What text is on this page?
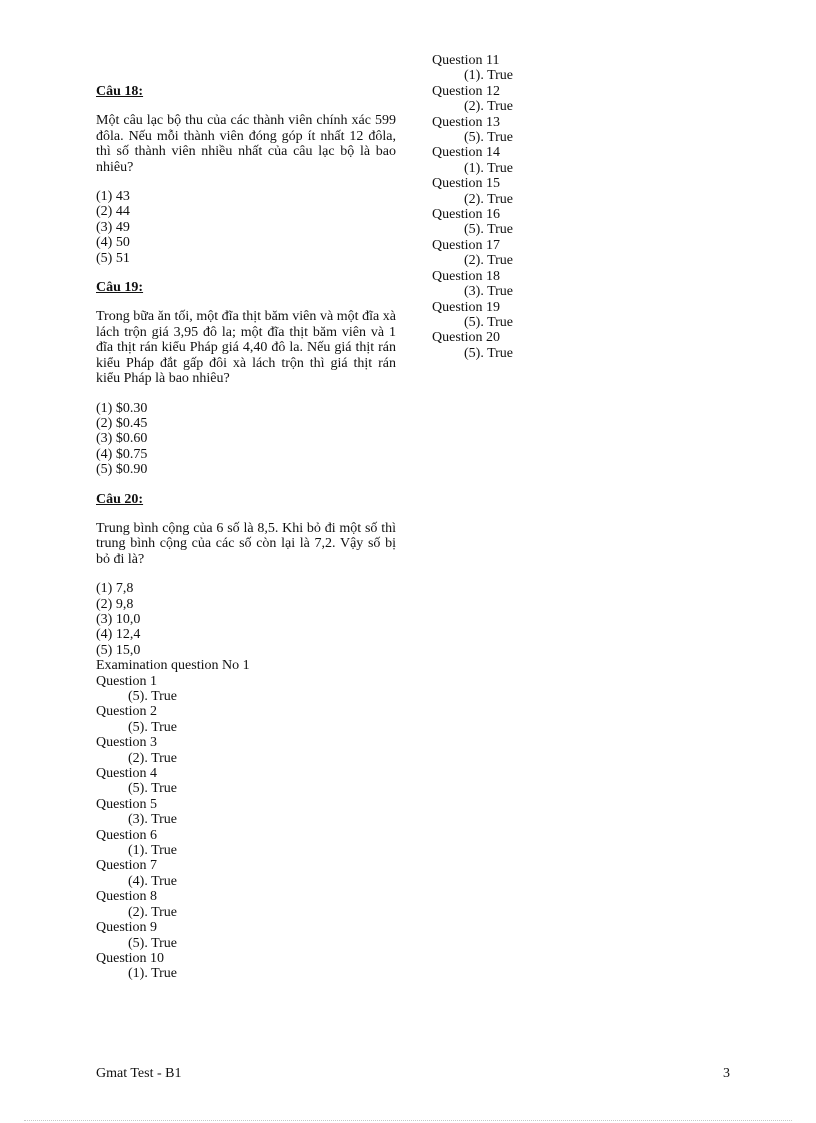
Câu 18:
Một câu lạc bộ thu của các thành viên chính xác 599 đôla. Nếu mỗi thành viên đóng góp ít nhất 12 đôla, thì số thành viên nhiều nhất của câu lạc bộ là bao nhiêu?
(1) 43
(2) 44
(3) 49
(4) 50
(5) 51
Câu 19:
Trong bữa ăn tối, một đĩa thịt băm viên và một đĩa xà lách trộn giá 3,95 đô la; một đĩa thịt băm viên và 1 đĩa thịt rán kiểu Pháp giá 4,40 đô la. Nếu giá thịt rán kiểu Pháp đắt gấp đôi xà lách trộn thì giá thịt rán kiểu Pháp là bao nhiêu?
(1) $0.30
(2) $0.45
(3) $0.60
(4) $0.75
(5) $0.90
Câu 20:
Trung bình cộng của 6 số là 8,5. Khi bỏ đi một số thì trung bình cộng của các số còn lại là 7,2. Vậy số bị bỏ đi là?
(1) 7,8
(2) 9,8
(3) 10,0
(4) 12,4
(5) 15,0
Examination question No 1
Question 1
(5). True
Question 2
(5). True
Question 3
(2). True
Question 4
(5). True
Question 5
(3). True
Question 6
(1). True
Question 7
(4). True
Question 8
(2). True
Question 9
(5). True
Question 10
(1). True
Question 11
(1). True
Question 12
(2). True
Question 13
(5). True
Question 14
(1). True
Question 15
(2). True
Question 16
(5). True
Question 17
(2). True
Question 18
(3). True
Question 19
(5). True
Question 20
(5). True
Gmat Test - B1	3
